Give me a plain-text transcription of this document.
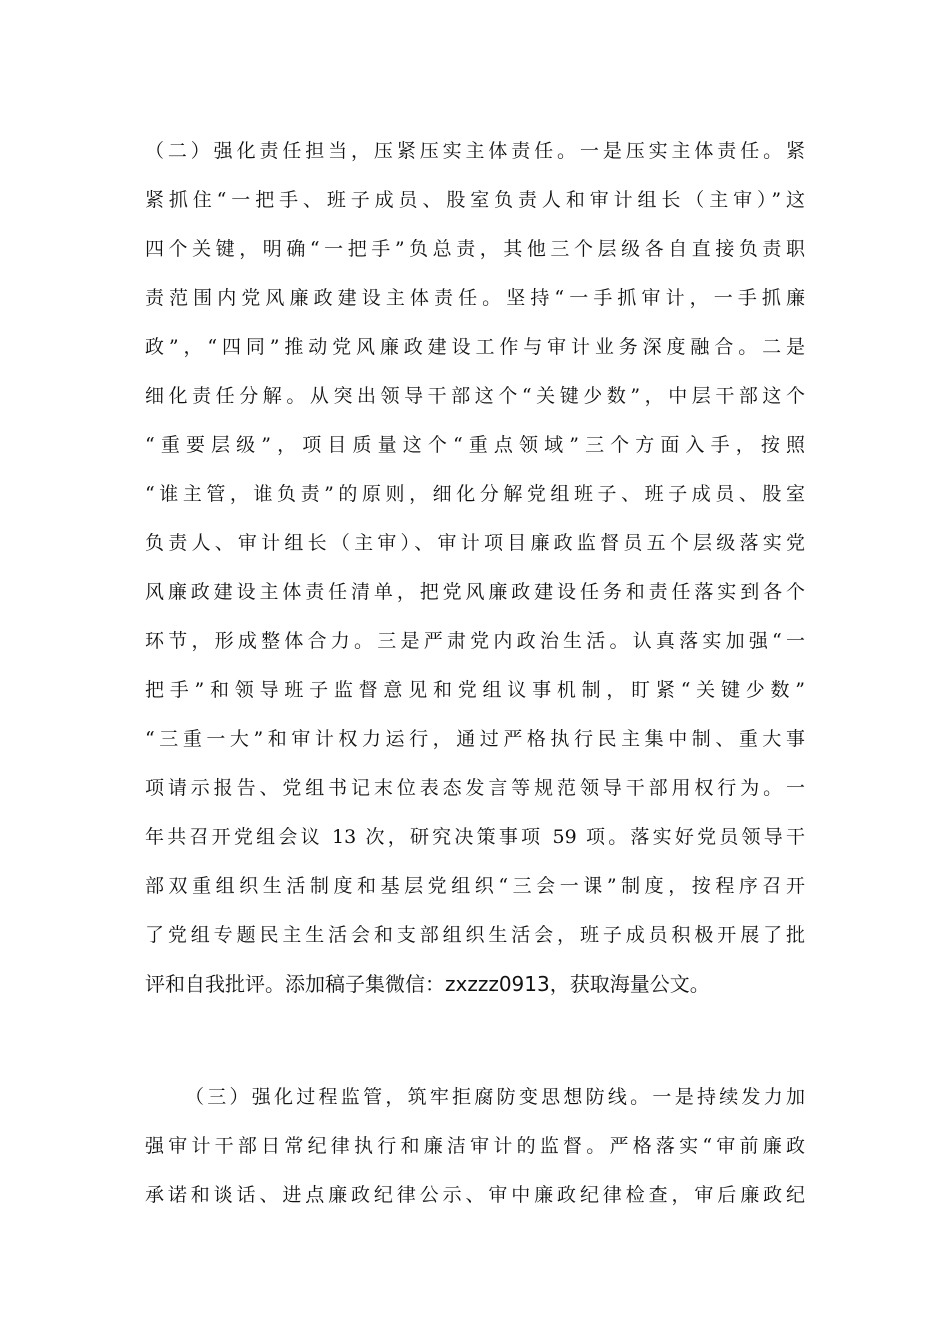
（二）强化责任担当，压紧压实主体责任。一是压实主体责任。紧
紧抓住“一把手、班子成员、股室负责人和审计组长（主审）”这
四个关键，明确“一把手”负总责，其他三个层级各自直接负责职
责范围内党风廉政建设主体责任。坚持“一手抓审计，一手抓廉
政”，“四同”推动党风廉政建设工作与审计业务深度融合。二是
细化责任分解。从突出领导干部这个“关键少数”，中层干部这个
“重要层级”，项目质量这个“重点领域”三个方面入手，按照
“谁主管，谁负责”的原则，细化分解党组班子、班子成员、股室
负责人、审计组长（主审）、审计项目廉政监督员五个层级落实党
风廉政建设主体责任清单，把党风廉政建设任务和责任落实到各个
环节，形成整体合力。三是严肃党内政治生活。认真落实加强“一
把手”和领导班子监督意见和党组议事机制，盯紧“关键少数”
“三重一大”和审计权力运行，通过严格执行民主集中制、重大事
项请示报告、党组书记末位表态发言等规范领导干部用权行为。一
年共召开党组会议 13 次，研究决策事项 59 项。落实好党员领导干
部双重组织生活制度和基层党组织“三会一课”制度，按程序召开
了党组专题民主生活会和支部组织生活会，班子成员积极开展了批
评和自我批评。添加稿子集微信：zxzzz0913，获取海量公文。
（三）强化过程监管，筑牢拒腐防变思想防线。一是持续发力加
强审计干部日常纪律执行和廉洁审计的监督。严格落实“审前廉政
承诺和谈话、进点廉政纪律公示、审中廉政纪律检查，审后廉政纪
